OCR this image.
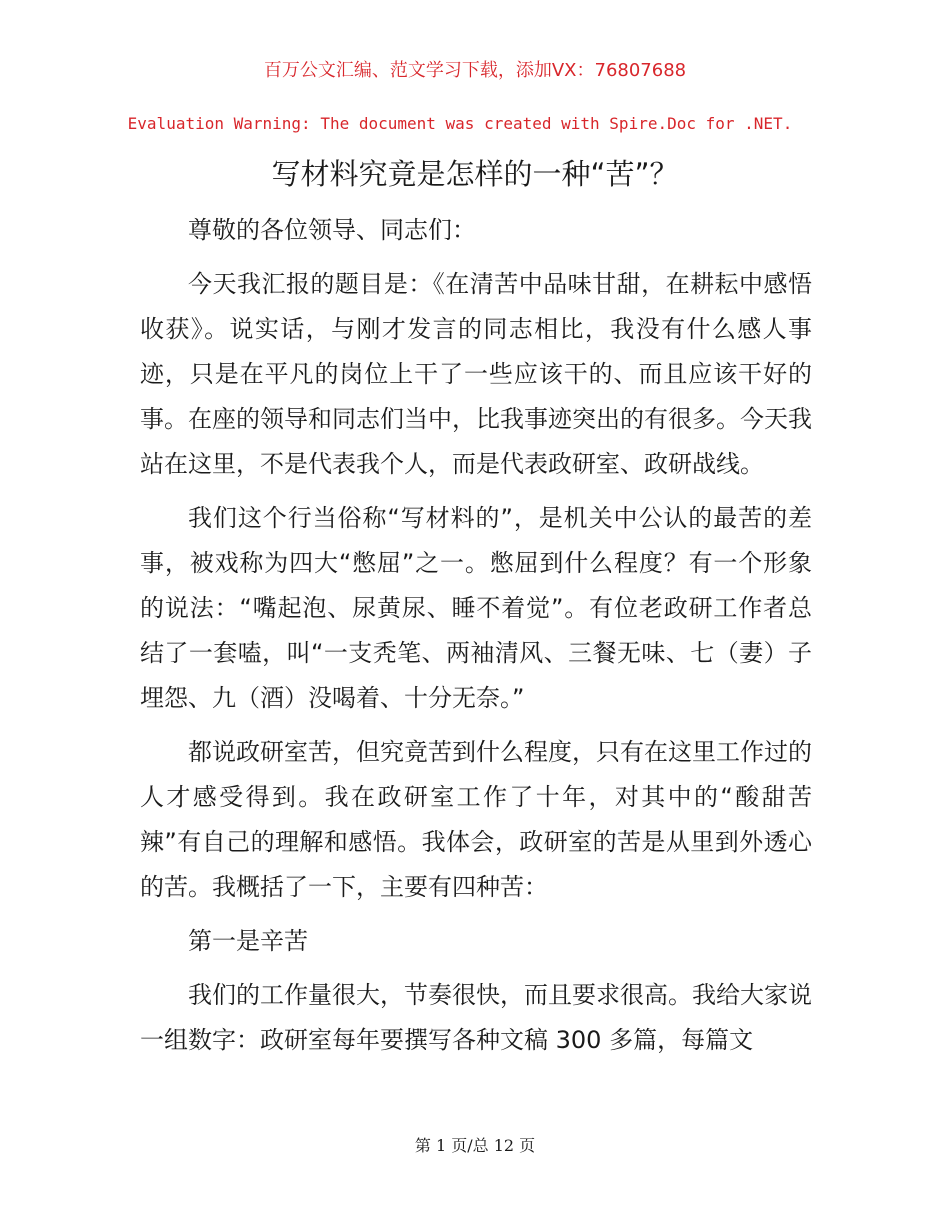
百万公文汇编、范文学习下载，添加VX：76807688
Evaluation Warning: The document was created with Spire.Doc for .NET.
写材料究竟是怎样的一种“苦”？

尊敬的各位领导、同志们：

今天我汇报的题目是：《在清苦中品味甘甜，在耕耘中感悟收获》。说实话，与刚才发言的同志相比，我没有什么感人事迹，只是在平凡的岗位上干了一些应该干的、而且应该干好的事。在座的领导和同志们当中，比我事迹突出的有很多。今天我站在这里，不是代表我个人，而是代表政研室、政研战线。

我们这个行当俗称“写材料的”，是机关中公认的最苦的差事，被戏称为四大“憋屈”之一。憋屈到什么程度？有一个形象的说法：“嘴起泡、尿黄尿、睡不着觉”。有位老政研工作者总结了一套嗑，叫“一支秃笔、两袖清风、三餐无味、七（妻）子埋怨、九（酒）没喝着、十分无奈。”

都说政研室苦，但究竟苦到什么程度，只有在这里工作过的人才感受得到。我在政研室工作了十年，对其中的“酸甜苦辣”有自己的理解和感悟。我体会，政研室的苦是从里到外透心的苦。我概括了一下，主要有四种苦：

第一是辛苦

我们的工作量很大，节奏很快，而且要求很高。我给大家说一组数字：政研室每年要撰写各种文稿 300 多篇，每篇文

第 1 页/总 12 页
